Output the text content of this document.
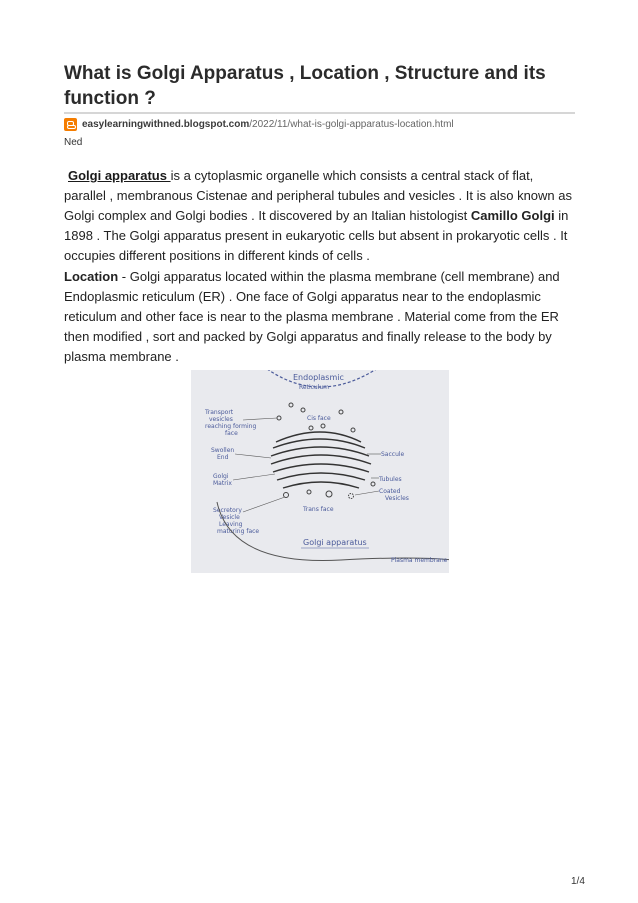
What is Golgi Apparatus , Location , Structure and its function ?
easylearningwithned.blogspot.com /2022/11/what-is-golgi-apparatus-location.html
Ned

Golgi apparatus is a cytoplasmic organelle which consists a central stack of flat, parallel , membranous Cistenae and peripheral tubules and vesicles . It is also known as Golgi complex and Golgi bodies . It discovered by an Italian histologist Camillo Golgi in 1898 . The Golgi apparatus present in eukaryotic cells but absent in prokaryotic cells . It occupies different positions in different kinds of cells .

Location - Golgi apparatus located within the plasma membrane (cell membrane) and Endoplasmic reticulum (ER) . One face of Golgi apparatus near to the endoplasmic reticulum and other face is near to the plasma membrane . Material come from the ER then modified , sort and packed by Golgi apparatus and finally release to the body by plasma membrane .

Endoplasmic
Reticulum
Cis face
Transport
vesicles
reaching forming
face
Swollen
End
Golgi
Matrix
Secretory
Vesicle
Leaving
maturing face
Saccule
Tubules
Coated
Vesicles
Trans face
Golgi apparatus
Plasma membrane
1/4
